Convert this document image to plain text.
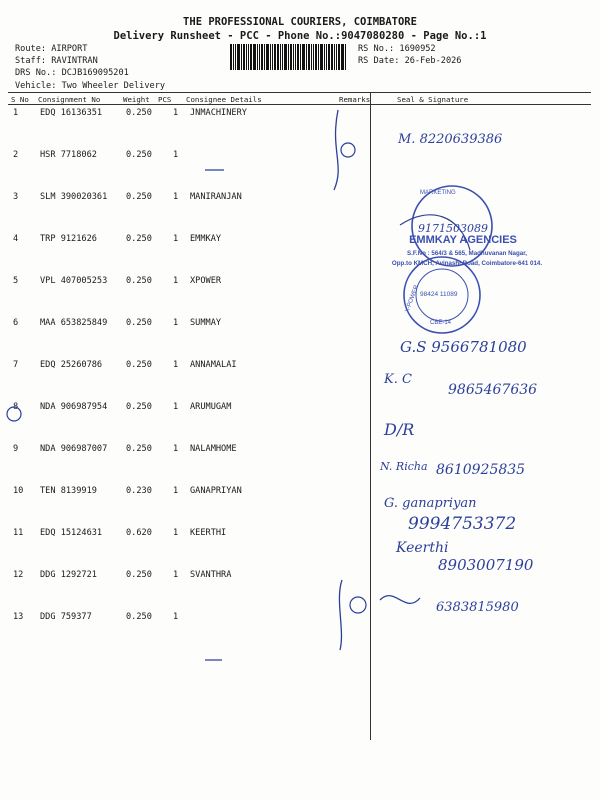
THE PROFESSIONAL COURIERS, COIMBATORE
Delivery Runsheet - PCC - Phone No.:9047080280 - Page No.:1
Route: AIRPORT
Staff: RAVINTRAN
DRS No.: DCJB169095201
Vehicle: Two Wheeler Delivery
RS No.: 1690952
RS Date: 26-Feb-2026
S No Consignment No	Weight PCS Consignee Details	Remarks	Seal & Signature
1	EDQ 16136351	0.250 1 JNMACHINERY
2	HSR 7718062	0.250 1
3	SLM 390020361 0.250 1 MANIRANJAN
4	TRP 9121626	0.250 1 EMMKAY
5	VPL 407005253 0.250 1 XPOWER
6	MAA 653825849 0.250 1 SUMMAY
7	EDQ 25260786	0.250 1 ANNAMALAI
8	NDA 906987954 0.250 1 ARUMUGAM
9	NDA 906987007 0.250 1 NALAMHOME
10 TEN 8139919	0.230 1 GANAPRIYAN
11 EDQ 15124631	0.620 1 KEERTHI
12 DDG 1292721	0.250 1 SVANTHRA
13 DDG 759377	0.250 1
M. 8220639386
9171503089
G.S 9566781080
K. C
9865467636
D/R
N. Richa 8610925835
G. ganapriyan
9994753372
Keerthi
8903007190
6383815980
EMMKAY AGENCIES
S.F.No : 564/3 & 565, Madhuvanan Nagar,
Opp.to KMCH, Avinashi Road, Coimbatore-641 014.
MARKETING
X-POWER 98424 11089
CBE-14
